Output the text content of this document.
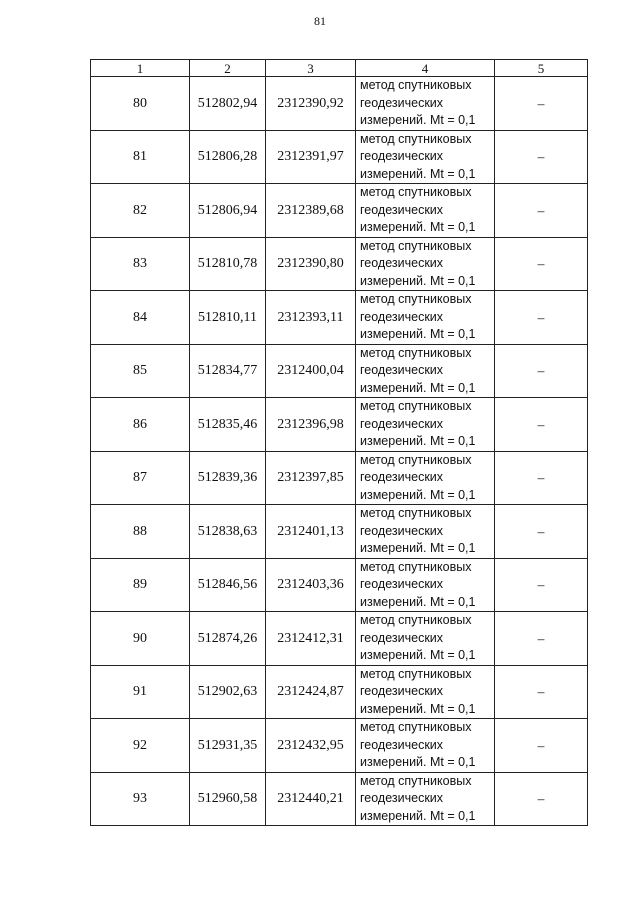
81
1	2	3	4	5
80	512802,94	2312390,92	метод спутниковых
геодезических
измерений. Mt = 0,1	–
81	512806,28	2312391,97	метод спутниковых
геодезических
измерений. Mt = 0,1	–
82	512806,94	2312389,68	метод спутниковых
геодезических
измерений. Mt = 0,1	–
83	512810,78	2312390,80	метод спутниковых
геодезических
измерений. Mt = 0,1	–
84	512810,11	2312393,11	метод спутниковых
геодезических
измерений. Mt = 0,1	–
85	512834,77	2312400,04	метод спутниковых
геодезических
измерений. Mt = 0,1	–
86	512835,46	2312396,98	метод спутниковых
геодезических
измерений. Mt = 0,1	–
87	512839,36	2312397,85	метод спутниковых
геодезических
измерений. Mt = 0,1	–
88	512838,63	2312401,13	метод спутниковых
геодезических
измерений. Mt = 0,1	–
89	512846,56	2312403,36	метод спутниковых
геодезических
измерений. Mt = 0,1	–
90	512874,26	2312412,31	метод спутниковых
геодезических
измерений. Mt = 0,1	–
91	512902,63	2312424,87	метод спутниковых
геодезических
измерений. Mt = 0,1	–
92	512931,35	2312432,95	метод спутниковых
геодезических
измерений. Mt = 0,1	–
93	512960,58	2312440,21	метод спутниковых
геодезических
измерений. Mt = 0,1	–
